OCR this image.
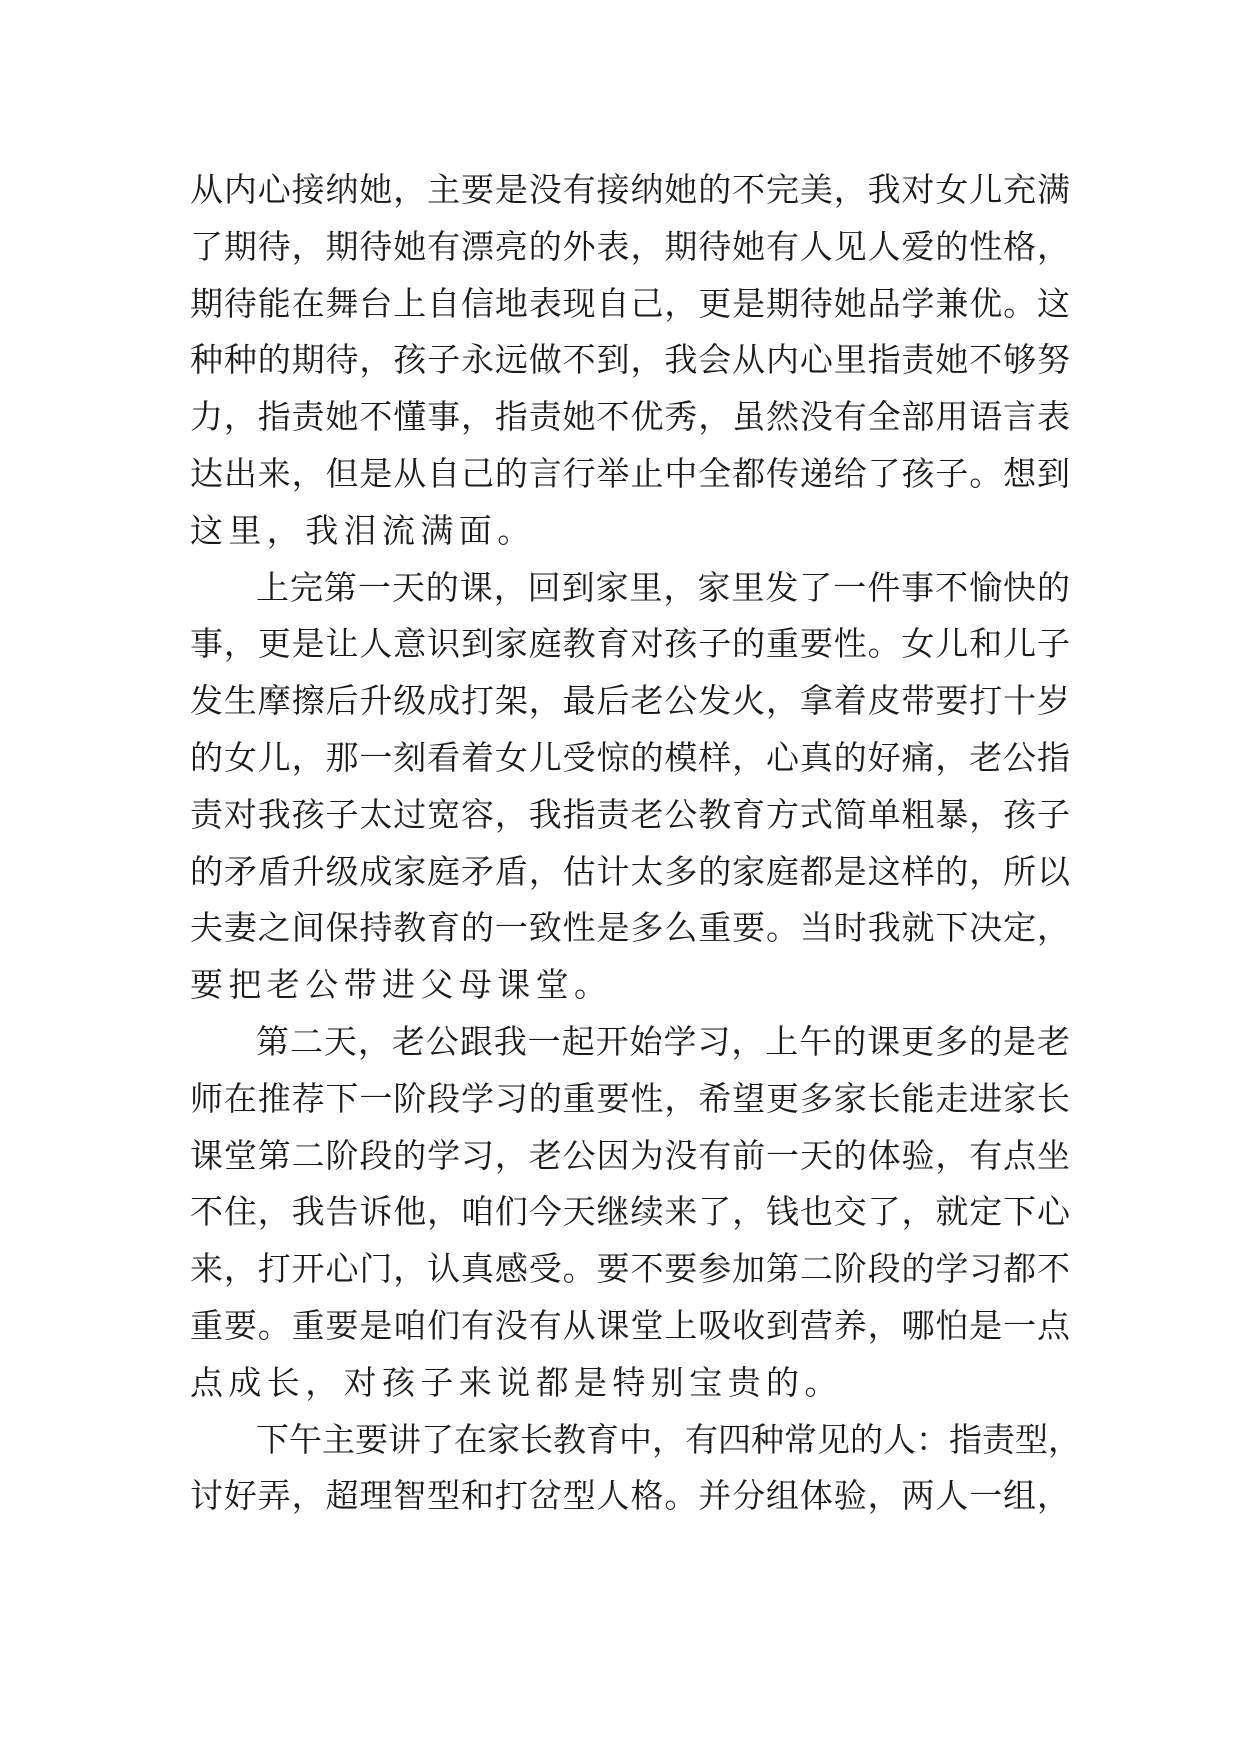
从内心接纳她，主要是没有接纳她的不完美，我对女儿充满
了期待，期待她有漂亮的外表，期待她有人见人爱的性格，
期待能在舞台上自信地表现自己，更是期待她品学兼优。这
种种的期待，孩子永远做不到，我会从内心里指责她不够努
力，指责她不懂事，指责她不优秀，虽然没有全部用语言表
达出来，但是从自己的言行举止中全都传递给了孩子。想到
这里，我泪流满面。

上完第一天的课，回到家里，家里发了一件事不愉快的
事，更是让人意识到家庭教育对孩子的重要性。女儿和儿子
发生摩擦后升级成打架，最后老公发火，拿着皮带要打十岁
的女儿，那一刻看着女儿受惊的模样，心真的好痛，老公指
责对我孩子太过宽容，我指责老公教育方式简单粗暴，孩子
的矛盾升级成家庭矛盾，估计太多的家庭都是这样的，所以
夫妻之间保持教育的一致性是多么重要。当时我就下决定，
要把老公带进父母课堂。

第二天，老公跟我一起开始学习，上午的课更多的是老
师在推荐下一阶段学习的重要性，希望更多家长能走进家长
课堂第二阶段的学习，老公因为没有前一天的体验，有点坐
不住，我告诉他，咱们今天继续来了，钱也交了，就定下心
来，打开心门，认真感受。要不要参加第二阶段的学习都不
重要。重要是咱们有没有从课堂上吸收到营养，哪怕是一点
点成长，对孩子来说都是特别宝贵的。

下午主要讲了在家长教育中，有四种常见的人：指责型，
讨好弄，超理智型和打岔型人格。并分组体验，两人一组，
